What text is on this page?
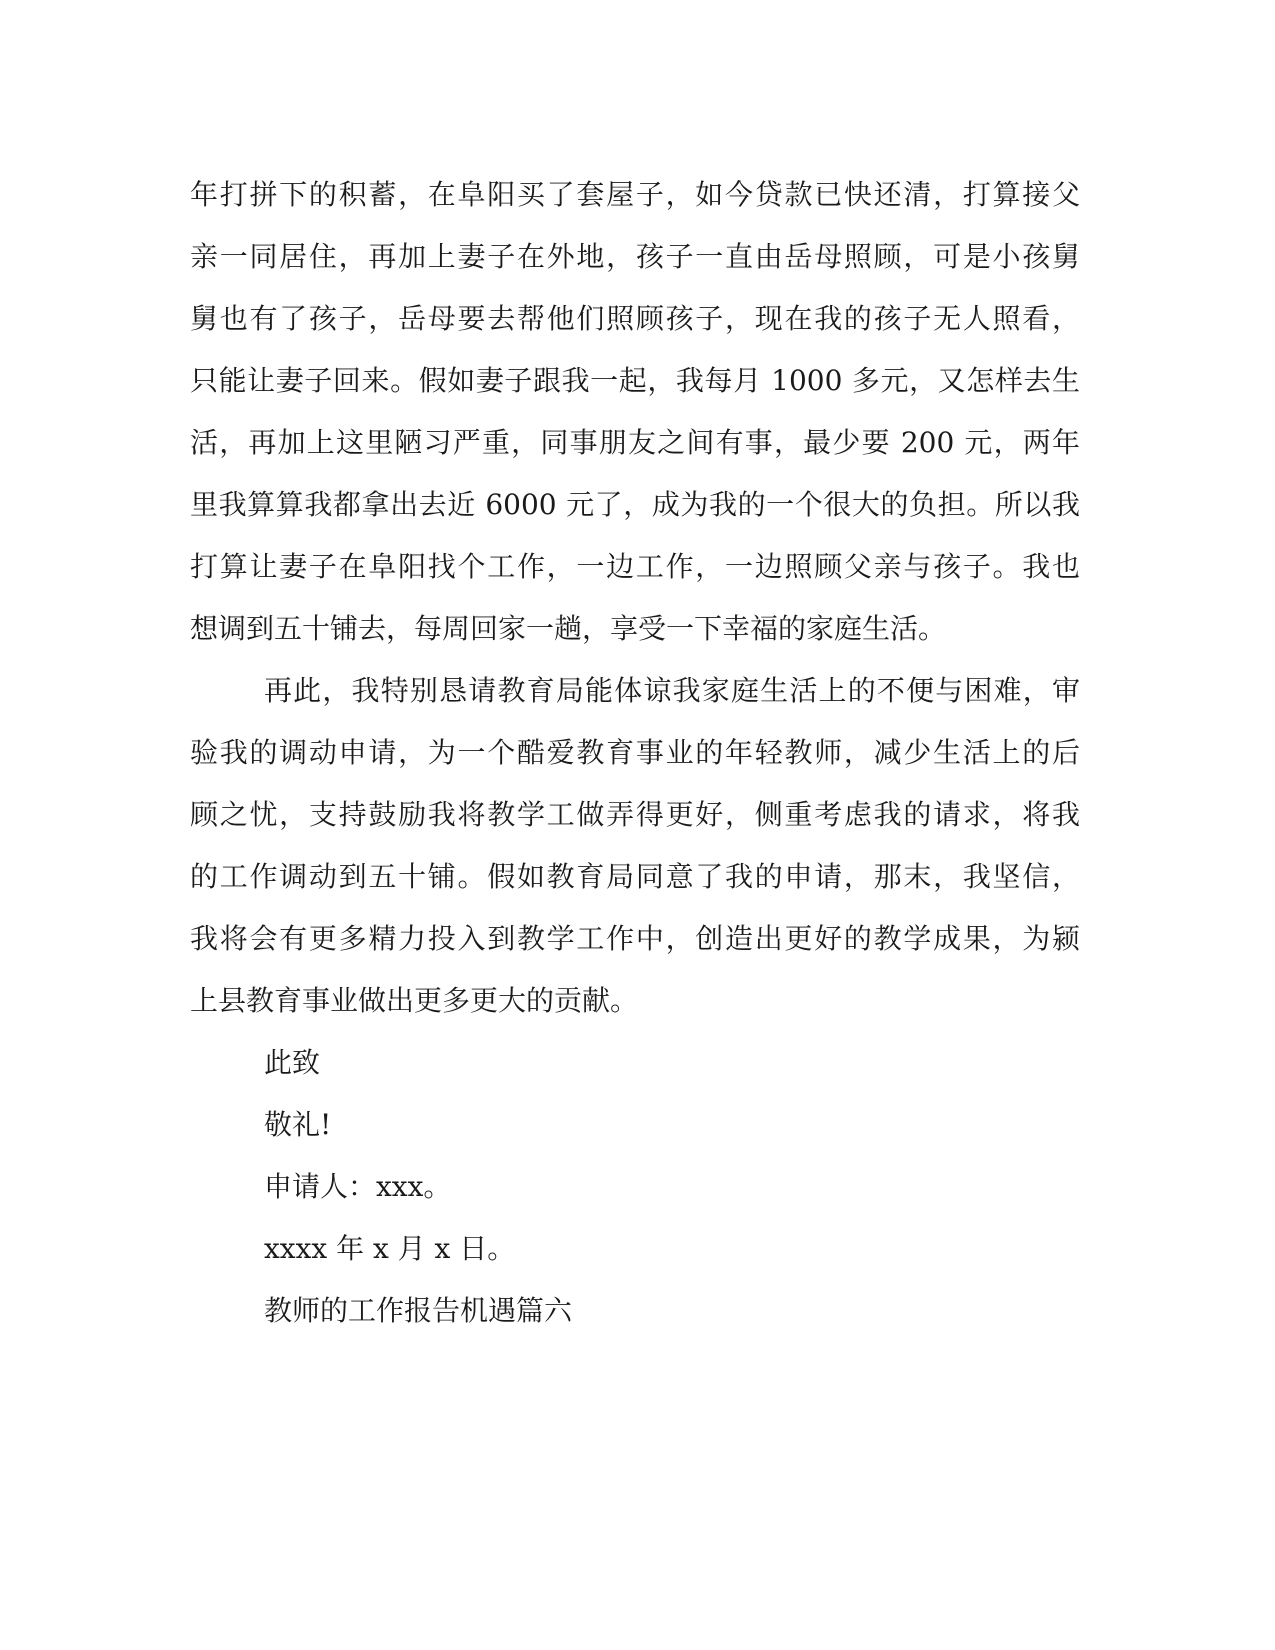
年打拼下的积蓄，在阜阳买了套屋子，如今贷款已快还清，打算接父
亲一同居住，再加上妻子在外地，孩子一直由岳母照顾，可是小孩舅
舅也有了孩子，岳母要去帮他们照顾孩子，现在我的孩子无人照看，
只能让妻子回来。假如妻子跟我一起，我每月 1000 多元，又怎样去生
活，再加上这里陋习严重，同事朋友之间有事，最少要 200 元，两年
里我算算我都拿出去近 6000 元了，成为我的一个很大的负担。所以我
打算让妻子在阜阳找个工作，一边工作，一边照顾父亲与孩子。我也
想调到五十铺去，每周回家一趟，享受一下幸福的家庭生活。
再此，我特别恳请教育局能体谅我家庭生活上的不便与困难，审
验我的调动申请，为一个酷爱教育事业的年轻教师，减少生活上的后
顾之忧，支持鼓励我将教学工做弄得更好，侧重考虑我的请求，将我
的工作调动到五十铺。假如教育局同意了我的申请，那末，我坚信，
我将会有更多精力投入到教学工作中，创造出更好的教学成果，为颍
上县教育事业做出更多更大的贡献。
此致
敬礼!
申请人：xxx。
xxxx 年 x 月 x 日。
教师的工作报告机遇篇六
